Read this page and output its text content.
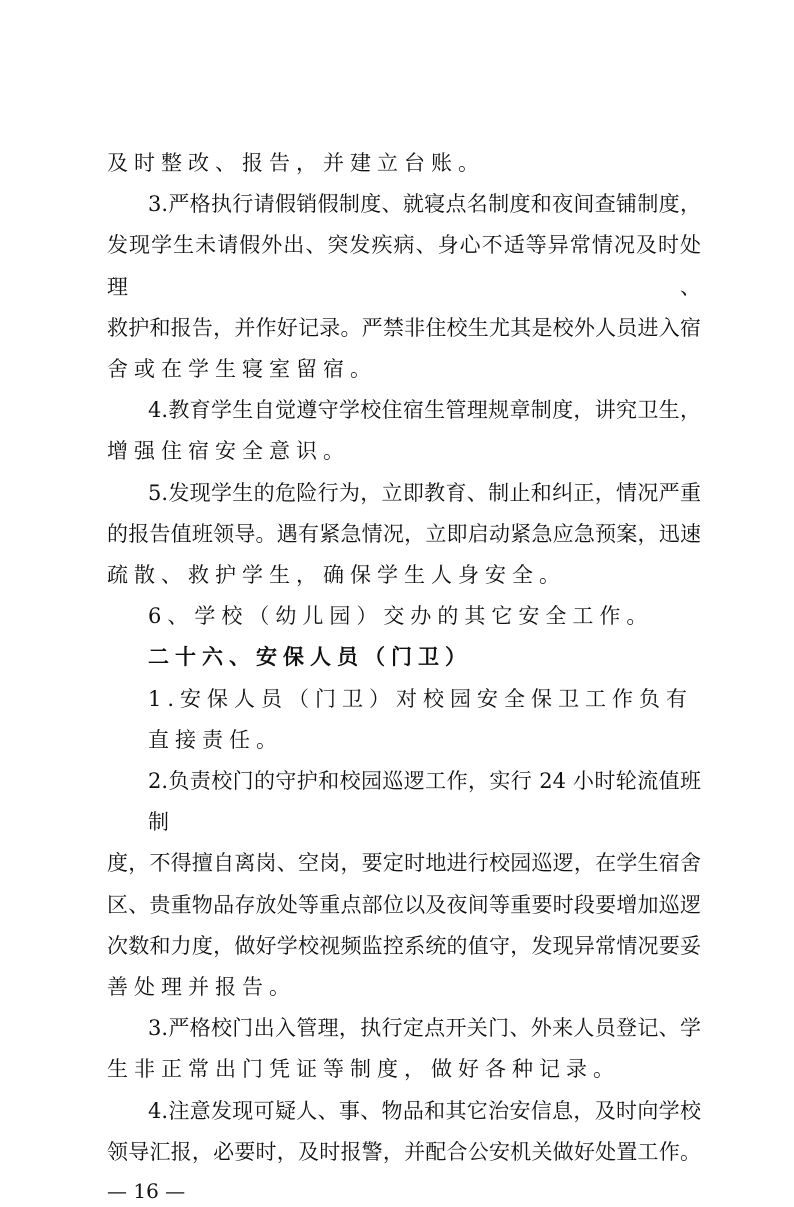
及时整改、报告，并建立台账。
3.严格执行请假销假制度、就寝点名制度和夜间查铺制度，
发现学生未请假外出、突发疾病、身心不适等异常情况及时处理、
救护和报告，并作好记录。严禁非住校生尤其是校外人员进入宿
舍或在学生寝室留宿。
4.教育学生自觉遵守学校住宿生管理规章制度，讲究卫生，
增强住宿安全意识。
5.发现学生的危险行为，立即教育、制止和纠正，情况严重
的报告值班领导。遇有紧急情况，立即启动紧急应急预案，迅速
疏散、救护学生，确保学生人身安全。
6、学校（幼儿园）交办的其它安全工作。
二十六、安保人员（门卫）
1.安保人员（门卫）对校园安全保卫工作负有直接责任。
2.负责校门的守护和校园巡逻工作，实行 24 小时轮流值班制
度，不得擅自离岗、空岗，要定时地进行校园巡逻，在学生宿舍
区、贵重物品存放处等重点部位以及夜间等重要时段要增加巡逻
次数和力度，做好学校视频监控系统的值守，发现异常情况要妥
善处理并报告。
3.严格校门出入管理，执行定点开关门、外来人员登记、学
生非正常出门凭证等制度，做好各种记录。
4.注意发现可疑人、事、物品和其它治安信息，及时向学校
领导汇报，必要时，及时报警，并配合公安机关做好处置工作。
— 16 —
